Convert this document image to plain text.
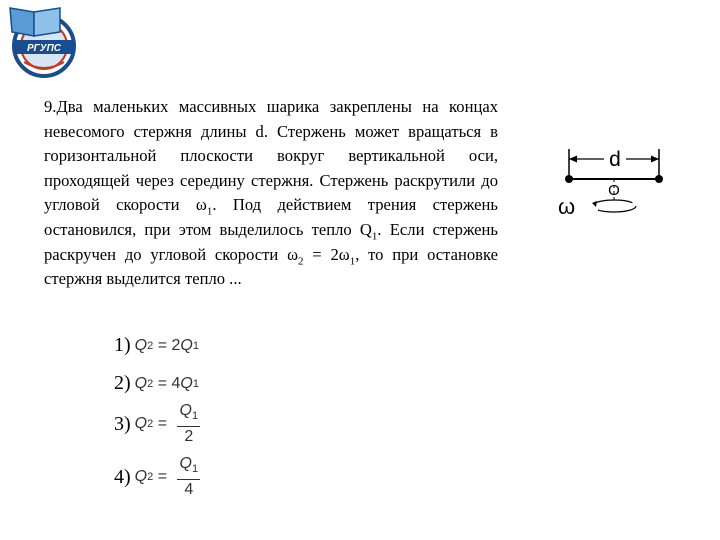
РГУПС
9.Два маленьких массивных шарика закреплены на концах невесомого стержня длины d. Стержень может вращаться в горизонтальной плоскости вокруг вертикальной оси, проходящей через середину стержня. Стержень раскрутили до угловой скорости $\omega_1$. Под действием трения стержень остановился, при этом выделилось тепло $Q_1$. Если стержень раскручен до угловой скорости $\omega_2 = 2\omega_1$, то при остановке стержня выделится тепло ...
1) Q 2 = 2 Q 1
2) Q 2 = 4 Q 1
3) Q $2 = \frac{Q_1}{2}$
4) Q $2 = \frac{Q_1}{4}$
d
ω
O
